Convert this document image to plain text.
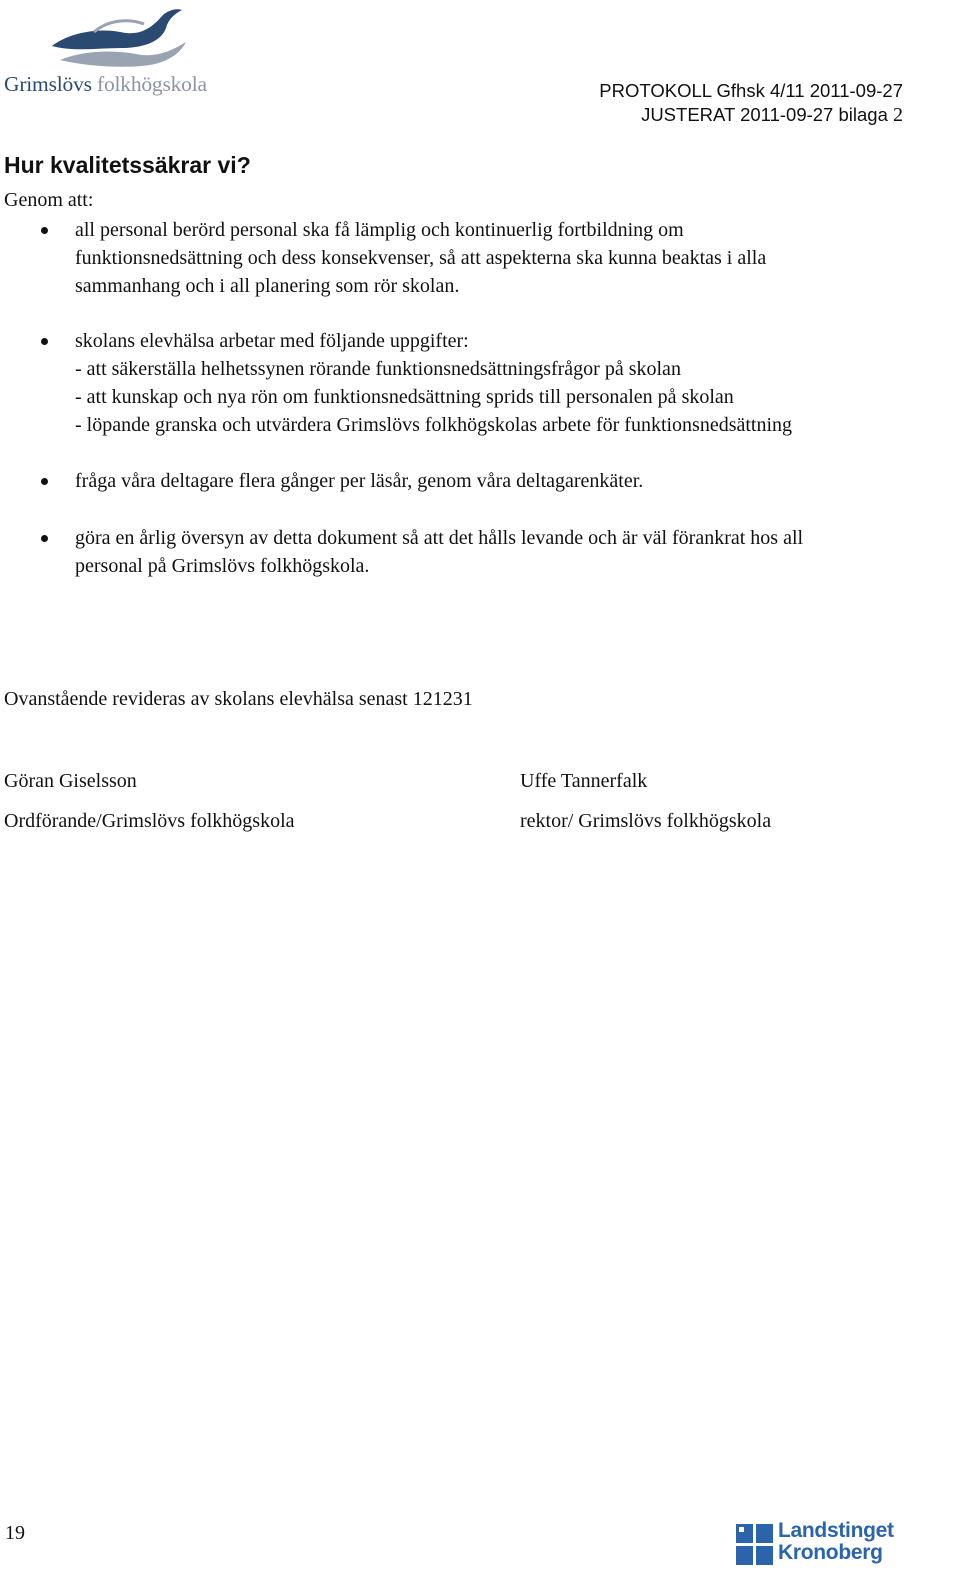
Grimslövs folkhögskola	PROTOKOLL Gfhsk 4/11 2011-09-27
JUSTERAT 2011-09-27 bilaga 2
Hur kvalitetssäkrar vi?
Genom att:
all personal berörd personal ska få lämplig och kontinuerlig fortbildning om
funktionsnedsättning och dess konsekvenser, så att aspekterna ska kunna beaktas i alla
sammanhang och i all planering som rör skolan.
skolans elevhälsa arbetar med följande uppgifter:
- att säkerställa helhetssynen rörande funktionsnedsättningsfrågor på skolan
- att kunskap och nya rön om funktionsnedsättning sprids till personalen på skolan
- löpande granska och utvärdera Grimslövs folkhögskolas arbete för funktionsnedsättning
fråga våra deltagare flera gånger per läsår, genom våra deltagarenkäter.
göra en årlig översyn av detta dokument så att det hålls levande och är väl förankrat hos all
personal på Grimslövs folkhögskola.
Ovanstående revideras av skolans elevhälsa senast 121231
Göran Giselsson
Ordförande/Grimslövs folkhögskola
Uffe Tannerfalk
rektor/ Grimslövs folkhögskola
19	Landstinget
Kronoberg
